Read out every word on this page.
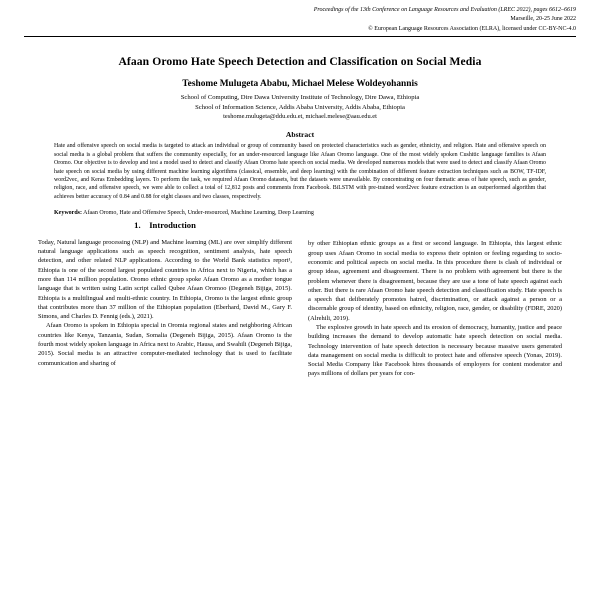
Proceedings of the 13th Conference on Language Resources and Evaluation (LREC 2022), pages 6612–6619
Marseille, 20-25 June 2022
© European Language Resources Association (ELRA), licensed under CC-BY-NC-4.0
Afaan Oromo Hate Speech Detection and Classification on Social Media
Teshome Mulugeta Ababu, Michael Melese Woldeyohannis
School of Computing, Dire Dawa University Institute of Technology, Dire Dawa, Ethiopia
School of Information Science, Addis Ababa University, Addis Ababa, Ethiopia
teshome.mulugeta@ddu.edu.et, michael.melese@aau.edu.et
Abstract
Hate and offensive speech on social media is targeted to attack an individual or group of community based on protected characteristics such as gender, ethnicity, and religion. Hate and offensive speech on social media is a global problem that suffers the community especially, for an under-resourced language like Afaan Oromo language. One of the most widely spoken Cushitic language families is Afaan Oromo. Our objective is to develop and test a model used to detect and classify Afaan Oromo hate speech on social media. We developed numerous models that were used to detect and classify Afaan Oromo hate speech on social media by using different machine learning algorithms (classical, ensemble, and deep learning) with the combination of different feature extraction techniques such as BOW, TF-IDF, word2vec, and Keras Embedding layers. To perform the task, we required Afaan Oromo datasets, but the datasets were unavailable. By concentrating on four thematic areas of hate speech, such as gender, religion, race, and offensive speech, we were able to collect a total of 12,812 posts and comments from Facebook. BiLSTM with pre-trained word2vec feature extraction is an outperformed algorithm that achieves better accuracy of 0.84 and 0.88 for eight classes and two classes, respectively.
Keywords: Afaan Oromo, Hate and Offensive Speech, Under-resourced, Machine Learning, Deep Learning
1. Introduction

Today, Natural language processing (NLP) and Machine learning (ML) are over simplify different natural language applications such as speech recognition, sentiment analysis, hate speech detection, and other related NLP applications. According to the World Bank statistics report¹, Ethiopia is one of the second largest populated countries in Africa next to Nigeria, which has a more than 114 million population. Oromo ethnic group spoke Afaan Oromo as a mother tongue language that is written using Latin script called Qubee Afaan Oromoo (Degeneh Bijiga, 2015). Ethiopia is a multilingual and multi-ethnic country. In Ethiopia, Oromo is the largest ethnic group that contributes more than 37 million of the Ethiopian population (Eberhard, David M., Gary F. Simons, and Charles D. Fennig (eds.), 2021).

Afaan Oromo is spoken in Ethiopia special in Oromia regional states and neighboring African countries like Kenya, Tanzania, Sudan, Somalia (Degeneh Bijiga, 2015). Afaan Oromo is the fourth most widely spoken language in Africa next to Arabic, Hausa, and Swahili (Degeneh Bijiga, 2015). Social media is an attractive computer-mediated technology that is used to facilitate communication and sharing of

by other Ethiopian ethnic groups as a first or second language. In Ethiopia, this largest ethnic group uses Afaan Oromo in social media to express their opinion or feeling regarding to socio-economic and political aspects on social media. In this procedure there is clash of individual or group ideas, agreement and disagreement. There is no problem with agreement but there is the problem whenever there is disagreement, because they are use a tone of hate speech against each other. But there is rare Afaan Oromo hate speech detection and classification study. Hate speech is a speech that deliberately promotes hatred, discrimination, or attack against a person or a discernable group of identity, based on ethnicity, religion, race, gender, or disability (FDRE, 2020) (Alrehili, 2019).

The explosive growth in hate speech and its erosion of democracy, humanity, justice and peace building increases the demand to develop automatic hate speech detection on social media. Technology intervention of hate speech detection is necessary because massive users generated data management on social media is difficult to protect hate and offensive speech (Yonas, 2019). Social Media Company like Facebook hires thousands of employers for content moderator and pays millions of dollars per years for con-
